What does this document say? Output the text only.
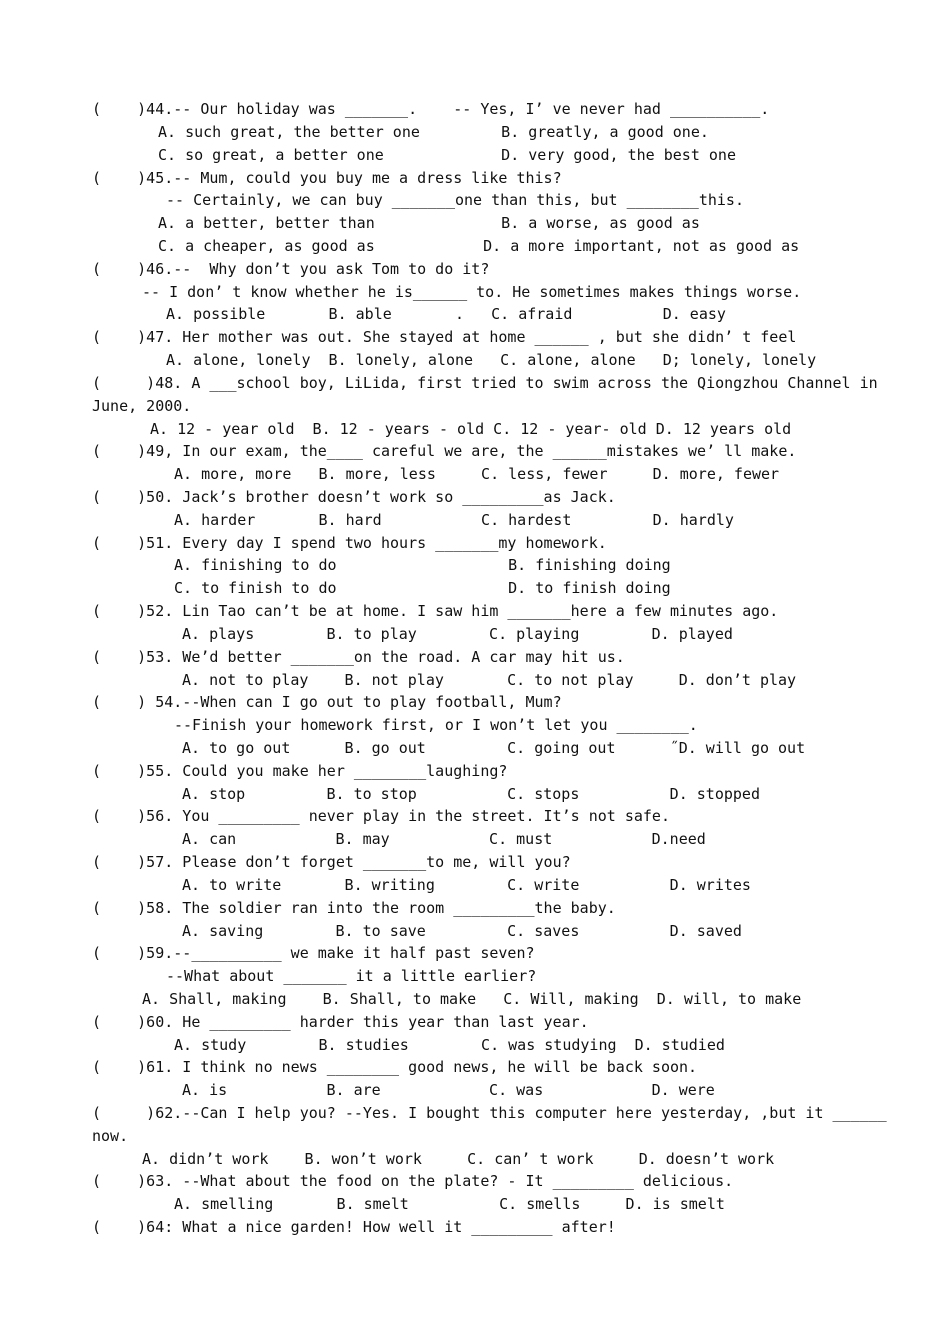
(    )44.-- Our holiday was _______.    -- Yes, I’ ve never had __________.
A. such great, the better one         B. greatly, a good one.
C. so great, a better one             D. very good, the best one
(    )45.-- Mum, could you buy me a dress like this?
-- Certainly, we can buy _______one than this, but ________this.
A. a better, better than              B. a worse, as good as
C. a cheaper, as good as            D. a more important, not as good as
(    )46.--  Why don’t you ask Tom to do it?
-- I don’ t know whether he is______ to. He sometimes makes things worse.
A. possible       B. able       .   C. afraid          D. easy
(    )47. Her mother was out. She stayed at home ______ , but she didn’ t feel
A. alone, lonely  B. lonely, alone   C. alone, alone   D; lonely, lonely
(     )48. A ___school boy, LiLida, first tried to swim across the Qiongzhou Channel in
June, 2000.
A. 12 - year old  B. 12 - years - old C. 12 - year- old D. 12 years old
(    )49, In our exam, the____ careful we are, the ______mistakes we’ ll make.
A. more, more   B. more, less     C. less, fewer     D. more, fewer
(    )50. Jack’s brother doesn’t work so _________as Jack.
A. harder       B. hard           C. hardest         D. hardly
(    )51. Every day I spend two hours _______my homework.
A. finishing to do                   B. finishing doing
C. to finish to do                   D. to finish doing
(    )52. Lin Tao can’t be at home. I saw him _______here a few minutes ago.
A. plays        B. to play        C. playing        D. played
(    )53. We’d better _______on the road. A car may hit us.
A. not to play    B. not play       C. to not play     D. don’t play
(    ) 54.--When can I go out to play football, Mum?
--Finish your homework first, or I won’t let you ________.
A. to go out      B. go out         C. going out      ˝D. will go out
(    )55. Could you make her ________laughing?
A. stop         B. to stop          C. stops          D. stopped
(    )56. You _________ never play in the street. It’s not safe.
A. can           B. may           C. must           D.need
(    )57. Please don’t forget _______to me, will you?
A. to write       B. writing        C. write          D. writes
(    )58. The soldier ran into the room _________the baby.
A. saving        B. to save         C. saves          D. saved
(    )59.--__________ we make it half past seven?
--What about _______ it a little earlier?
A. Shall, making    B. Shall, to make   C. Will, making  D. will, to make
(    )60. He _________ harder this year than last year.
A. study        B. studies        C. was studying  D. studied
(    )61. I think no news ________ good news, he will be back soon.
A. is           B. are            C. was            D. were
(     )62.--Can I help you? --Yes. I bought this computer here yesterday, ,but it ______
now.
A. didn’t work    B. won’t work     C. can’ t work     D. doesn’t work
(    )63. --What about the food on the plate? - It _________ delicious.
A. smelling       B. smelt          C. smells     D. is smelt
(    )64: What a nice garden! How well it _________ after!
